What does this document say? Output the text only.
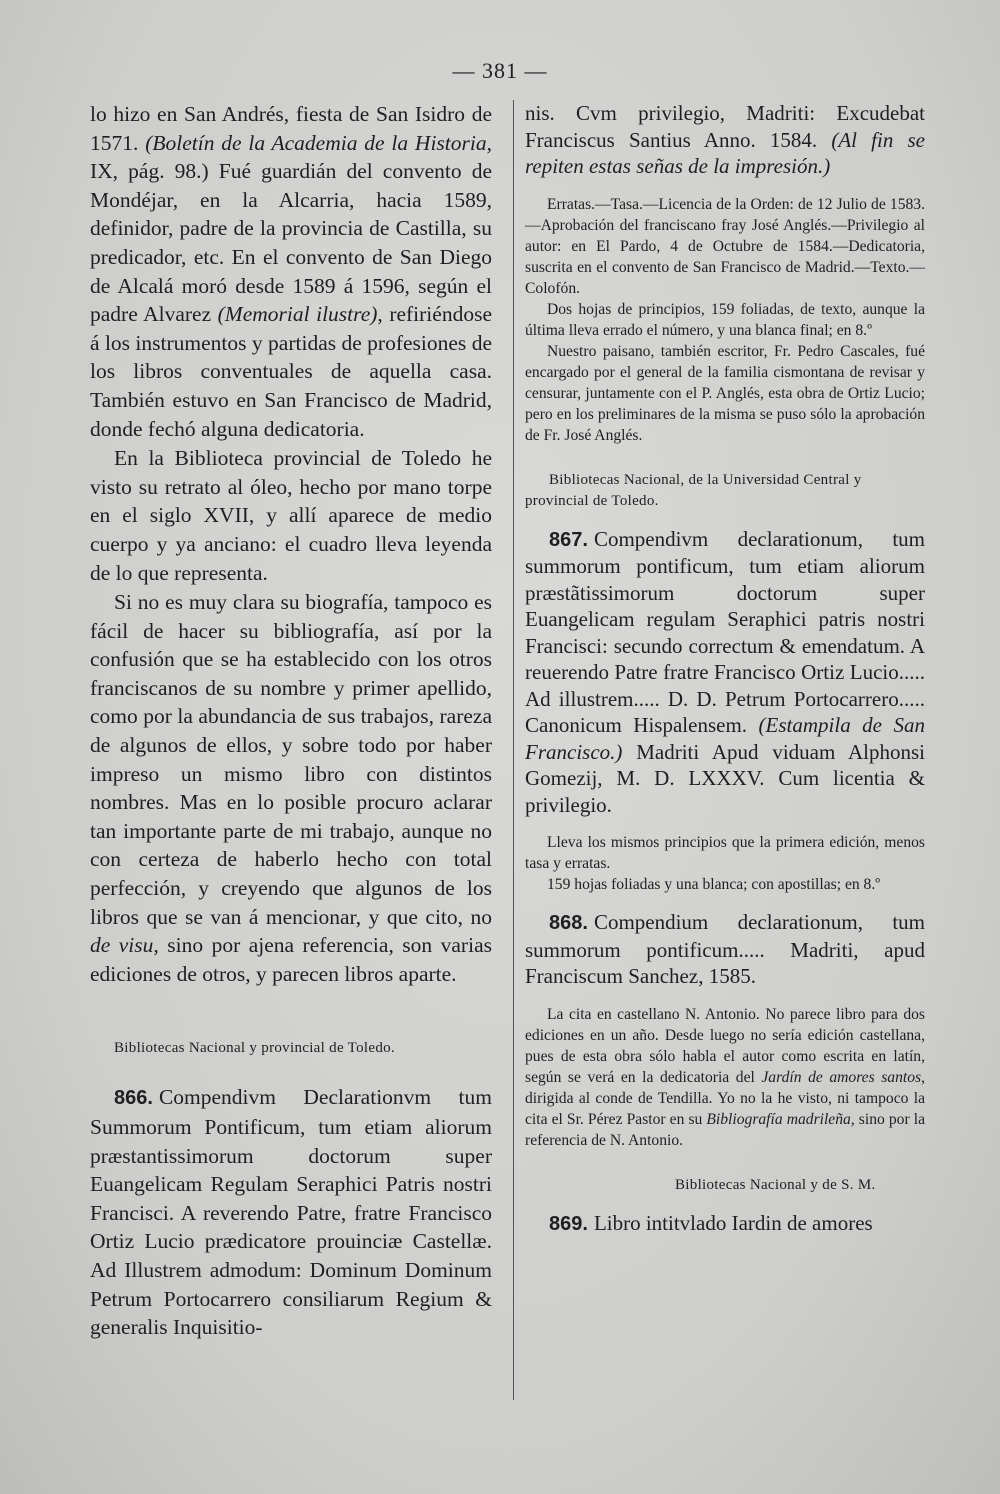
— 381 —

lo hizo en San Andrés, fiesta de San Isidro de 1571. (Boletín de la Academia de la Historia, IX, pág. 98.) Fué guardián del convento de Mondéjar, en la Alcarria, hacia 1589, definidor, padre de la provincia de Castilla, su predicador, etc. En el convento de San Diego de Alcalá moró desde 1589 á 1596, según el padre Alvarez (Memorial ilustre), refiriéndose á los instrumentos y partidas de profesiones de los libros conventuales de aquella casa. También estuvo en San Francisco de Madrid, donde fechó alguna dedicatoria.

En la Biblioteca provincial de Toledo he visto su retrato al óleo, hecho por mano torpe en el siglo XVII, y allí aparece de medio cuerpo y ya anciano: el cuadro lleva leyenda de lo que representa.

Si no es muy clara su biografía, tampoco es fácil de hacer su bibliografía, así por la confusión que se ha establecido con los otros franciscanos de su nombre y primer apellido, como por la abundancia de sus trabajos, rareza de algunos de ellos, y sobre todo por haber impreso un mismo libro con distintos nombres. Mas en lo posible procuro aclarar tan importante parte de mi trabajo, aunque no con certeza de haberlo hecho con total perfección, y creyendo que algunos de los libros que se van á mencionar, y que cito, no de visu, sino por ajena referencia, son varias ediciones de otros, y parecen libros aparte.

Bibliotecas Nacional y provincial de Toledo.

866. Compendivm Declarationvm tum Summorum Pontificum, tum etiam aliorum præstantissimorum doctorum super Euangelicam Regulam Seraphici Patris nostri Francisci. A reverendo Patre, fratre Francisco Ortiz Lucio prædicatore prouinciæ Castellæ. Ad Illustrem admodum: Dominum Dominum Petrum Portocarrero consiliarum Regium & generalis Inquisitio-

nis. Cvm privilegio, Madriti: Excudebat Franciscus Santius Anno. 1584. (Al fin se repiten estas señas de la impresión.)

Erratas.—Tasa.—Licencia de la Orden: de 12 Julio de 1583.—Aprobación del franciscano fray José Anglés.—Privilegio al autor: en El Pardo, 4 de Octubre de 1584.—Dedicatoria, suscrita en el convento de San Francisco de Madrid.—Texto.—Colofón.

Dos hojas de principios, 159 foliadas, de texto, aunque la última lleva errado el número, y una blanca final; en 8.º

Nuestro paisano, también escritor, Fr. Pedro Cascales, fué encargado por el general de la familia cismontana de revisar y censurar, juntamente con el P. Anglés, esta obra de Ortiz Lucio; pero en los preliminares de la misma se puso sólo la aprobación de Fr. José Anglés.

Bibliotecas Nacional, de la Universidad Central y provincial de Toledo.

867. Compendivm declarationum, tum summorum pontificum, tum etiam aliorum præstãtissimorum doctorum super Euangelicam regulam Seraphici patris nostri Francisci: secundo correctum & emendatum. A reuerendo Patre fratre Francisco Ortiz Lucio..... Ad illustrem..... D. D. Petrum Portocarrero..... Canonicum Hispalensem. (Estampila de San Francisco.) Madriti Apud viduam Alphonsi Gomezij, M. D. LXXXV. Cum licentia & privilegio.

Lleva los mismos principios que la primera edición, menos tasa y erratas.

159 hojas foliadas y una blanca; con apostillas; en 8.º

868. Compendium declarationum, tum summorum pontificum..... Madriti, apud Franciscum Sanchez, 1585.

La cita en castellano N. Antonio. No parece libro para dos ediciones en un año. Desde luego no sería edición castellana, pues de esta obra sólo habla el autor como escrita en latín, según se verá en la dedicatoria del Jardín de amores santos, dirigida al conde de Tendilla. Yo no la he visto, ni tampoco la cita el Sr. Pérez Pastor en su Bibliografía madrileña, sino por la referencia de N. Antonio.

Bibliotecas Nacional y de S. M.

869. Libro intitvlado Iardin de amores
